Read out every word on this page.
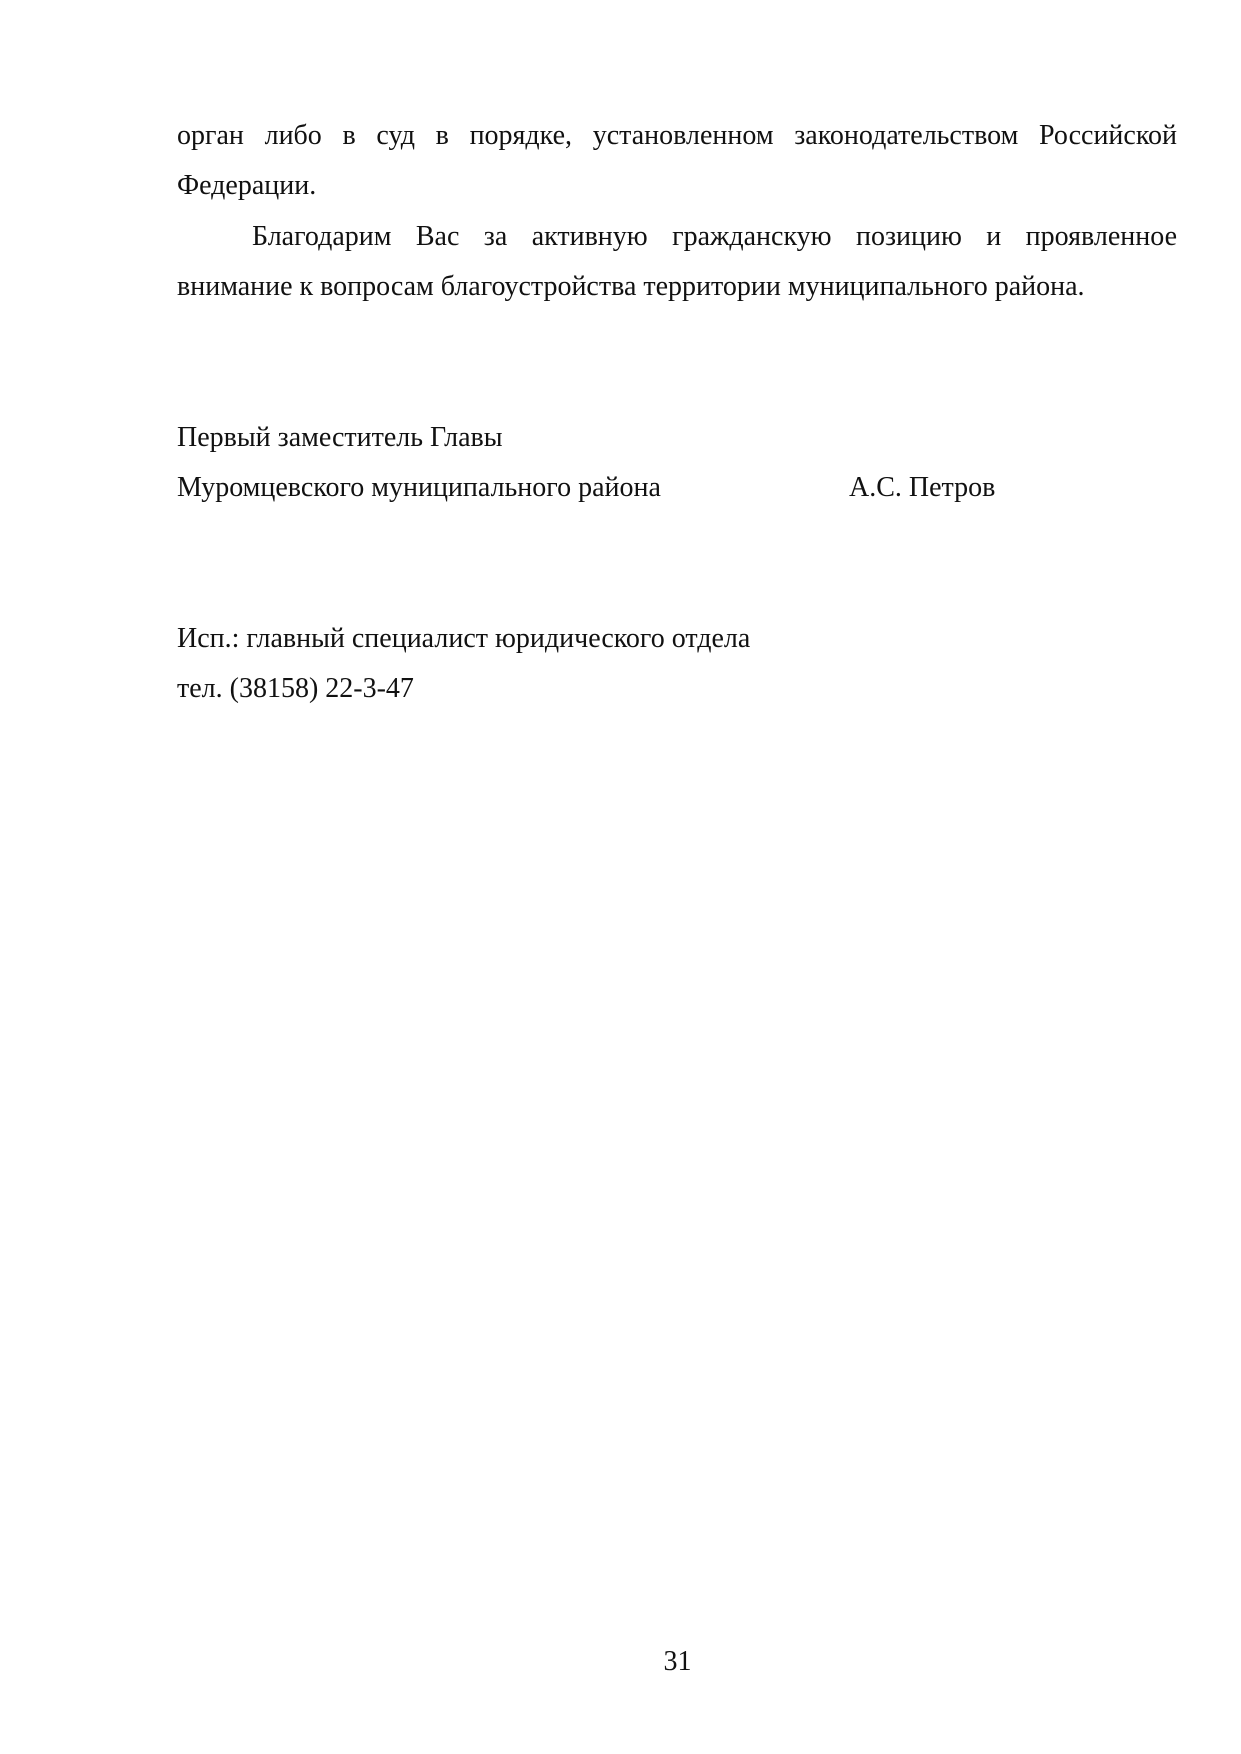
орган либо в суд в порядке, установленном законодательством Российской Федерации.

Благодарим Вас за активную гражданскую позицию и проявленное внимание к вопросам благоустройства территории муниципального района.

Первый заместитель Главы
Муромцевского муниципального района	А.С. Петров
Исп.: главный специалист юридического отдела
тел. (38158) 22-3-47
31
